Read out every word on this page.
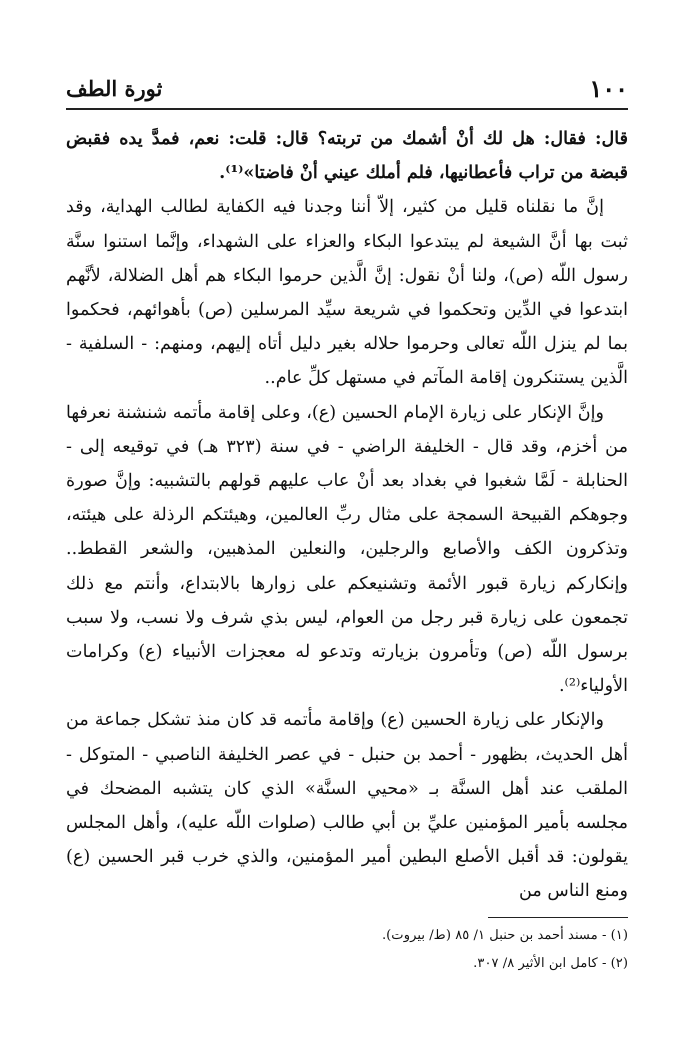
١٠٠
ثورة الطف

قال: فقال: هل لك أنْ أشمك من تربته؟ قال: قلت: نعم، فمدَّ يده فقبض قبضة من تراب فأعطانيها، فلم أملك عيني أنْ فاضتا»⁽¹⁾.

إنَّ ما نقلناه قليل من كثير، إلاّ أننا وجدنا فيه الكفاية لطالب الهداية، وقد ثبت بها أنَّ الشيعة لم يبتدعوا البكاء والعزاء على الشهداء، وإنَّما استنوا سنَّة رسول اللّه (ص)، ولنا أنْ نقول: إنَّ الَّذين حرموا البكاء هم أهل الضلالة، لأنَّهم ابتدعوا في الدِّين وتحكموا في شريعة سيِّد المرسلين (ص) بأهوائهم، فحكموا بما لم ينزل اللّه تعالى وحرموا حلاله بغير دليل أتاه إليهم، ومنهم: - السلفية - الَّذين يستنكرون إقامة المآتم في مستهل كلِّ عام..

وإنَّ الإنكار على زيارة الإمام الحسين (ع)، وعلى إقامة مأتمه شنشنة نعرفها من أخزم، وقد قال - الخليفة الراضي - في سنة (٣٢٣ هـ) في توقيعه إلى - الحنابلة - لَمَّا شغبوا في بغداد بعد أنْ عاب عليهم قولهم بالتشبيه: وإنَّ صورة وجوهكم القبيحة السمجة على مثال ربِّ العالمين، وهيئتكم الرذلة على هيئته، وتذكرون الكف والأصابع والرجلين، والنعلين المذهبين، والشعر القطط.. وإنكاركم زيارة قبور الأئمة وتشنيعكم على زوارها بالابتداع، وأنتم مع ذلك تجمعون على زيارة قبر رجل من العوام، ليس بذي شرف ولا نسب، ولا سبب برسول اللّه (ص) وتأمرون بزيارته وتدعو له معجزات الأنبياء (ع) وكرامات الأولياء⁽²⁾.

والإنكار على زيارة الحسين (ع) وإقامة مأتمه قد كان منذ تشكل جماعة من أهل الحديث، بظهور - أحمد بن حنبل - في عصر الخليفة الناصبي - المتوكل - الملقب عند أهل السنَّة بـ «محيي السنَّة» الذي كان يتشبه المضحك في مجلسه بأمير المؤمنين عليِّ بن أبي طالب (صلوات اللّه عليه)، وأهل المجلس يقولون: قد أقبل الأصلع البطين أمير المؤمنين، والذي خرب قبر الحسين (ع) ومنع الناس من

(١) - مسند أحمد بن حنبل ١/ ٨٥ (ط/ بيروت).

(٢) - كامل ابن الأثير ٨/ ٣٠٧.
